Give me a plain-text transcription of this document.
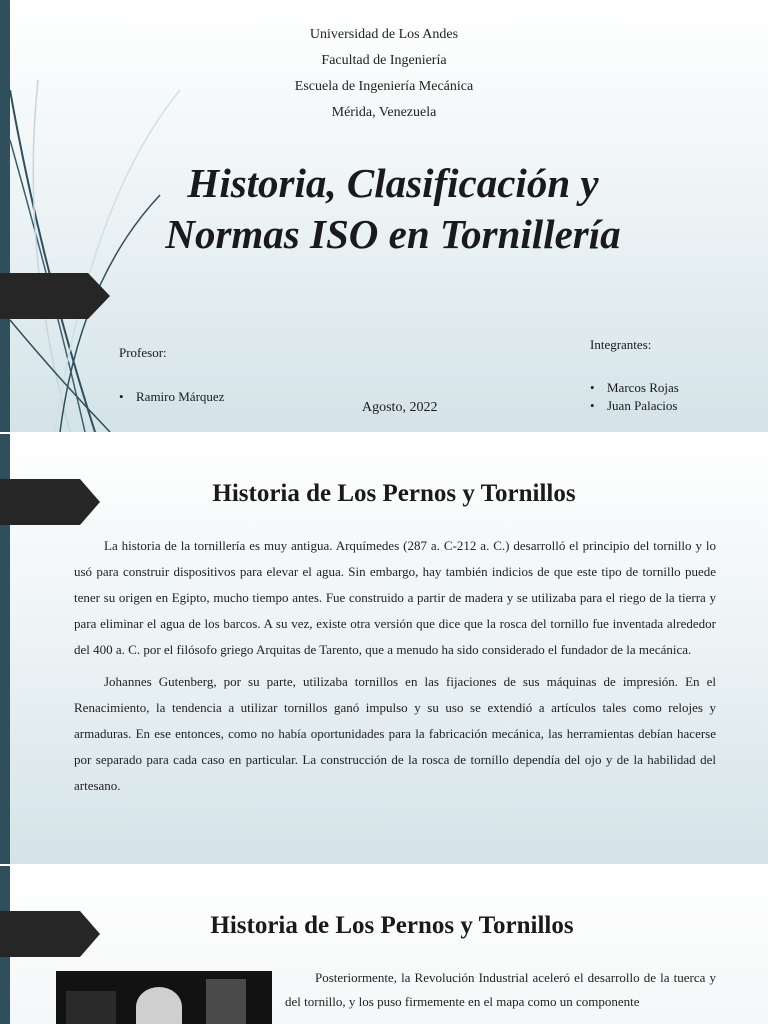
Universidad de Los Andes
Facultad de Ingeniería
Escuela de Ingeniería Mecánica
Mérida, Venezuela
Historia, Clasificación y
Normas ISO en Tornillería
Profesor:
• Ramiro Márquez
Integrantes:
• Marcos Rojas
• Juan Palacios
Agosto, 2022
Historia de Los Pernos y Tornillos

La historia de la tornillería es muy antigua. Arquímedes (287 a. C-212 a. C.) desarrolló el principio del tornillo y lo usó para construir dispositivos para elevar el agua. Sin embargo, hay también indicios de que este tipo de tornillo puede tener su origen en Egipto, mucho tiempo antes. Fue construido a partir de madera y se utilizaba para el riego de la tierra y para eliminar el agua de los barcos. A su vez, existe otra versión que dice que la rosca del tornillo fue inventada alrededor del 400 a. C. por el filósofo griego Arquitas de Tarento, que a menudo ha sido considerado el fundador de la mecánica.

Johannes Gutenberg, por su parte, utilizaba tornillos en las fijaciones de sus máquinas de impresión. En el Renacimiento, la tendencia a utilizar tornillos ganó impulso y su uso se extendió a artículos tales como relojes y armaduras. En ese entonces, como no había oportunidades para la fabricación mecánica, las herramientas debían hacerse por separado para cada caso en particular. La construcción de la rosca de tornillo dependía del ojo y de la habilidad del artesano.

Historia de Los Pernos y Tornillos

Posteriormente, la Revolución Industrial aceleró el desarrollo de la tuerca y del tornillo, y los puso firmemente en el mapa como un componente
